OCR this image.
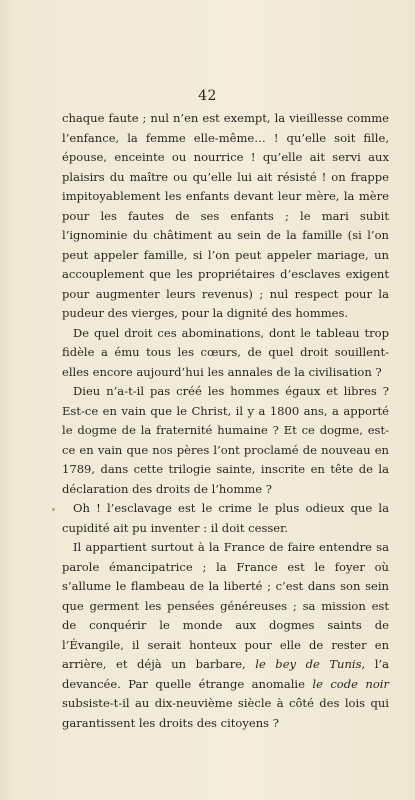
42

chaque faute ; nul n’en est exempt, la vieillesse comme l’enfance, la femme elle-même… ! qu’elle soit fille, épouse, enceinte ou nourrice ! qu’elle ait servi aux plaisirs du maître ou qu’elle lui ait résisté ! on frappe impitoyablement les enfants devant leur mère, la mère pour les fautes de ses enfants ; le mari subit l’ignominie du châtiment au sein de la famille (si l’on peut appeler famille, si l’on peut appeler mariage, un accouplement que les propriétaires d’esclaves exigent pour augmenter leurs revenus) ; nul respect pour la pudeur des vierges, pour la dignité des hommes.

De quel droit ces abominations, dont le tableau trop fidèle a ému tous les cœurs, de quel droit souillent-elles encore aujourd’hui les annales de la civilisation ?

Dieu n’a-t-il pas créé les hommes égaux et libres ? Est-ce en vain que le Christ, il y a 1800 ans, a apporté le dogme de la fraternité humaine ? Et ce dogme, est-ce en vain que nos pères l’ont proclamé de nouveau en 1789, dans cette trilogie sainte, inscrite en tête de la déclaration des droits de l’homme ?

Oh ! l’esclavage est le crime le plus odieux que la cupidité ait pu inventer : il doit cesser.

Il appartient surtout à la France de faire entendre sa parole émancipatrice ; la France est le foyer où s’allume le flambeau de la liberté ; c’est dans son sein que germent les pensées généreuses ; sa mission est de conquérir le monde aux dogmes saints de l’Évangile, il serait honteux pour elle de rester en arrière, et déjà un barbare, le bey de Tunis, l’a devancée. Par quelle étrange anomalie le code noir subsiste-t-il au dix-neuvième siècle à côté des lois qui garantissent les droits des citoyens ?
